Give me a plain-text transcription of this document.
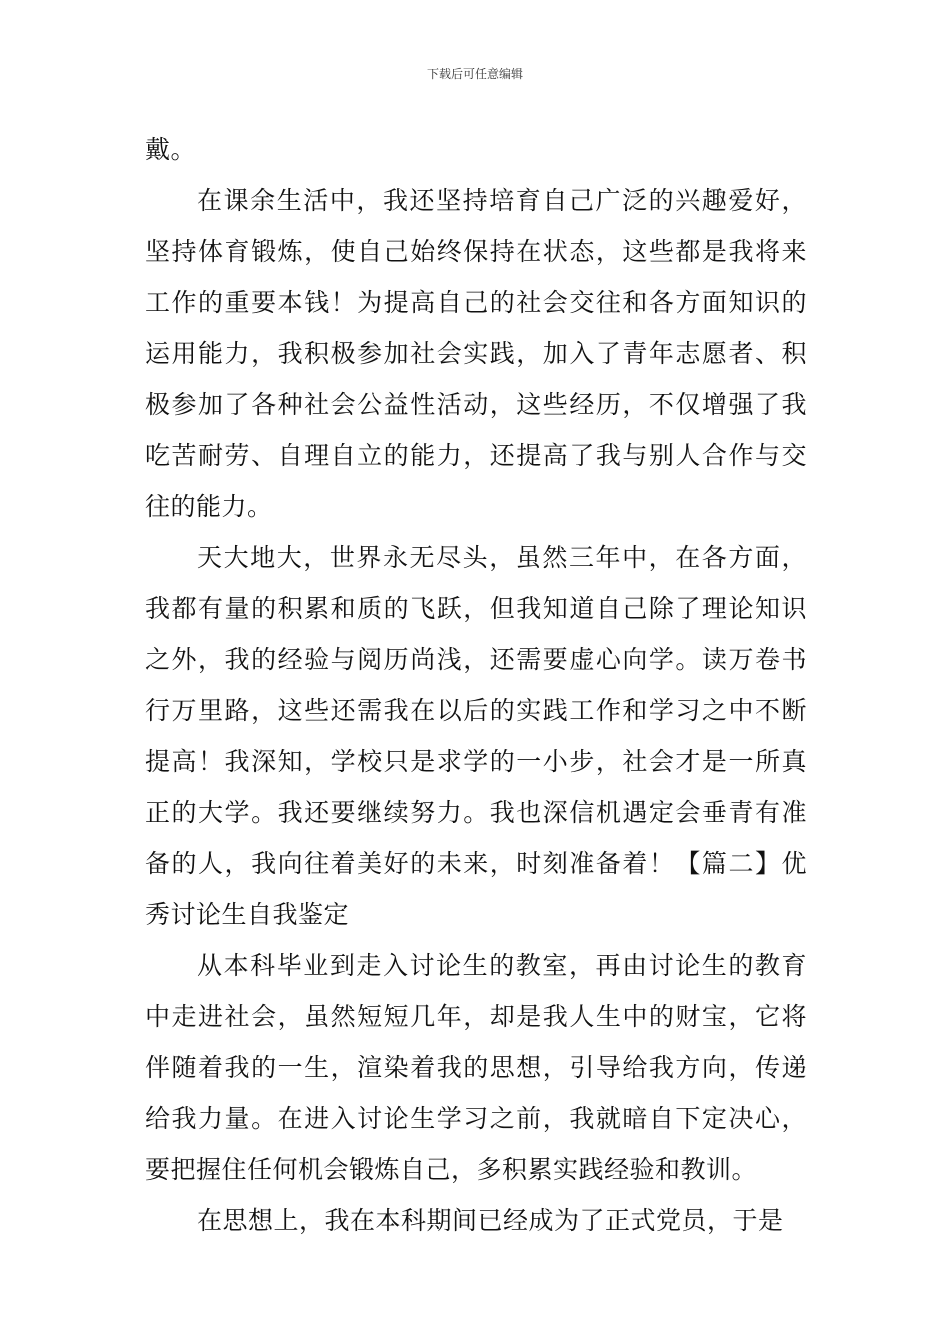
下载后可任意编辑

戴。

在课余生活中，我还坚持培育自己广泛的兴趣爱好，坚持体育锻炼，使自己始终保持在状态，这些都是我将来工作的重要本钱！为提高自己的社会交往和各方面知识的运用能力，我积极参加社会实践，加入了青年志愿者、积极参加了各种社会公益性活动，这些经历，不仅增强了我吃苦耐劳、自理自立的能力，还提高了我与别人合作与交往的能力。

天大地大，世界永无尽头，虽然三年中，在各方面，我都有量的积累和质的飞跃，但我知道自己除了理论知识之外，我的经验与阅历尚浅，还需要虚心向学。读万卷书行万里路，这些还需我在以后的实践工作和学习之中不断提高！我深知，学校只是求学的一小步，社会才是一所真正的大学。我还要继续努力。我也深信机遇定会垂青有准备的人，我向往着美好的未来，时刻准备着！【篇二】优秀讨论生自我鉴定

从本科毕业到走入讨论生的教室，再由讨论生的教育中走进社会，虽然短短几年，却是我人生中的财宝，它将伴随着我的一生，渲染着我的思想，引导给我方向，传递给我力量。在进入讨论生学习之前，我就暗自下定决心，要把握住任何机会锻炼自己，多积累实践经验和教训。

在思想上，我在本科期间已经成为了正式党员，于是
